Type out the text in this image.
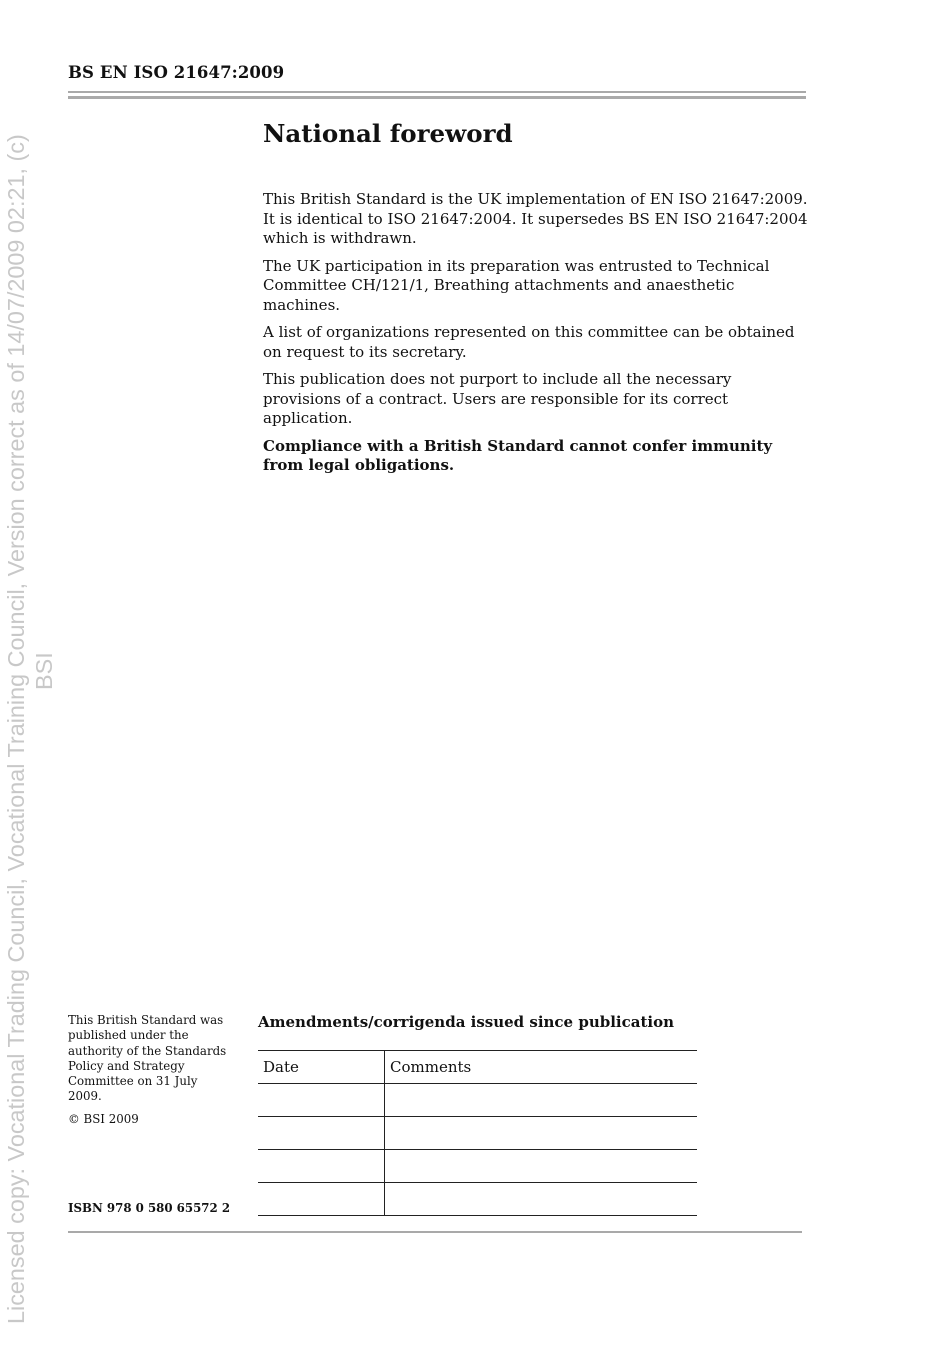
Licensed copy: Vocational Trading Council, Vocational Training Council, Version correct as of 14/07/2009 02:21, (c) BSI
BS EN ISO 21647:2009
National foreword

This British Standard is the UK implementation of EN ISO 21647:2009. It is identical to ISO 21647:2004. It supersedes BS EN ISO 21647:2004 which is withdrawn.

The UK participation in its preparation was entrusted to Technical Committee CH/121/1, Breathing attachments and anaesthetic machines.

A list of organizations represented on this committee can be obtained on request to its secretary.

This publication does not purport to include all the necessary provisions of a contract. Users are responsible for its correct application.

Compliance with a British Standard cannot confer immunity from legal obligations.

This British Standard was published under the authority of the Standards Policy and Strategy Committee on 31 July 2009.

© BSI 2009

ISBN 978 0 580 65572 2
Amendments/corrigenda issued since publication
Date	Comments
